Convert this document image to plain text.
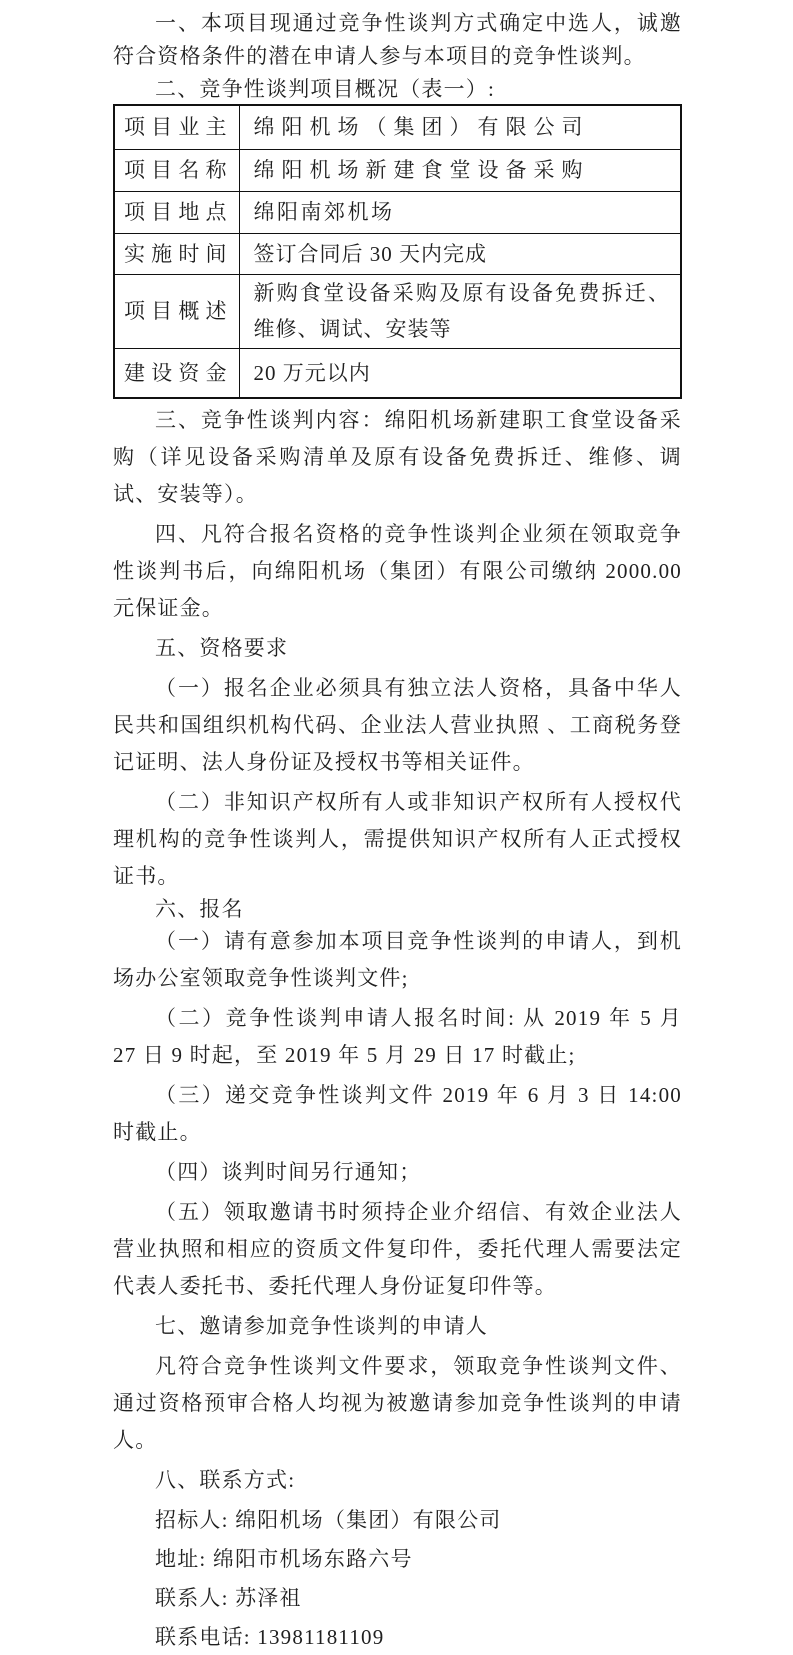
一、本项目现通过竞争性谈判方式确定中选人，诚邀符合资格条件的潜在申请人参与本项目的竞争性谈判。

二、竞争性谈判项目概况（表一）:

项目业主	绵阳机场（集团）有限公司
项目名称	绵阳机场新建食堂设备采购
项目地点	绵阳南郊机场
实施时间	签订合同后 30 天内完成
项目概述	新购食堂设备采购及原有设备免费拆迁、维修、调试、安装等
建设资金	20 万元以内

三、竞争性谈判内容：绵阳机场新建职工食堂设备采购（详见设备采购清单及原有设备免费拆迁、维修、调试、安装等）。

四、凡符合报名资格的竞争性谈判企业须在领取竞争性谈判书后，向绵阳机场（集团）有限公司缴纳 2000.00 元保证金。

五、资格要求

（一）报名企业必须具有独立法人资格，具备中华人民共和国组织机构代码、企业法人营业执照 、工商税务登记证明、法人身份证及授权书等相关证件。

（二）非知识产权所有人或非知识产权所有人授权代理机构的竞争性谈判人，需提供知识产权所有人正式授权证书。

六、报名

（一）请有意参加本项目竞争性谈判的申请人，到机场办公室领取竞争性谈判文件;

（二）竞争性谈判申请人报名时间: 从 2019 年 5 月 27 日 9 时起，至 2019 年 5 月 29 日 17 时截止;

（三）递交竞争性谈判文件 2019 年 6 月 3 日 14:00 时截止。

（四）谈判时间另行通知；

（五）领取邀请书时须持企业介绍信、有效企业法人营业执照和相应的资质文件复印件，委托代理人需要法定代表人委托书、委托代理人身份证复印件等。

七、邀请参加竞争性谈判的申请人

凡符合竞争性谈判文件要求，领取竞争性谈判文件、通过资格预审合格人均视为被邀请参加竞争性谈判的申请人。

八、联系方式:

招标人: 绵阳机场（集团）有限公司

地址: 绵阳市机场东路六号

联系人: 苏泽祖

联系电话: 13981181109
